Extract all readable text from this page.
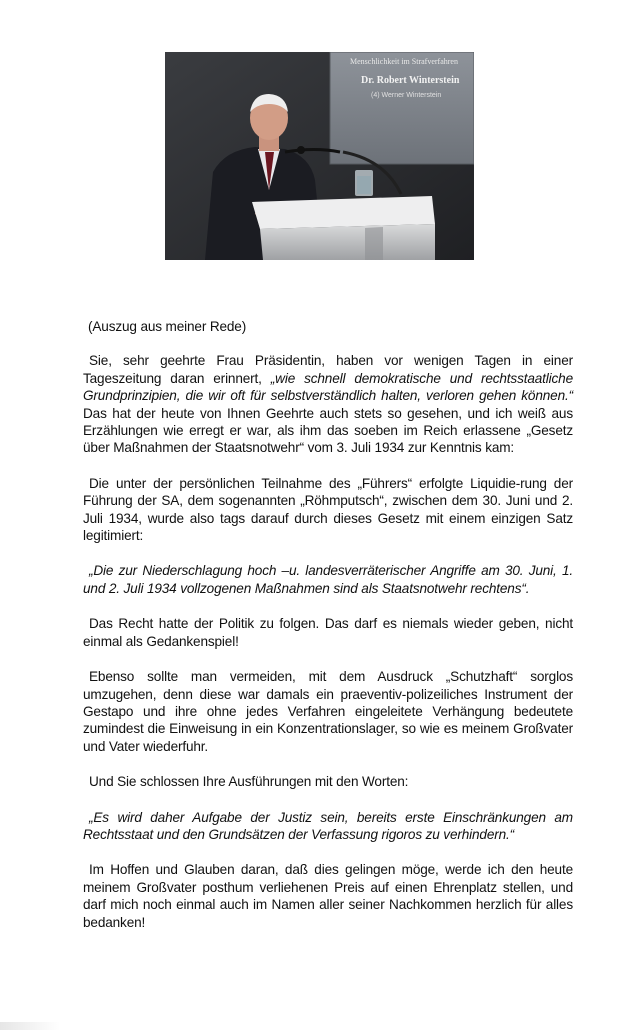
Menschlichkeit im Strafverfahren
Dr. Robert Winterstein
(4) Werner Winterstein

(Auszug aus meiner Rede)

Sie, sehr geehrte Frau Präsidentin, haben vor wenigen Tagen in einer Tageszeitung daran erinnert, „wie schnell demokratische und rechtsstaatliche Grundprinzipien, die wir oft für selbstverständlich halten, verloren gehen können.“ Das hat der heute von Ihnen Geehrte auch stets so gesehen, und ich weiß aus Erzählungen wie erregt er war, als ihm das soeben im Reich erlassene „Gesetz über Maßnahmen der Staatsnotwehr“ vom 3. Juli 1934 zur Kenntnis kam:

Die unter der persönlichen Teilnahme des „Führers“ erfolgte Liquidie-rung der Führung der SA, dem sogenannten „Röhmputsch“, zwischen dem 30. Juni und 2. Juli 1934, wurde also tags darauf durch dieses Gesetz mit einem einzigen Satz legitimiert:

„Die zur Niederschlagung hoch –u. landesverräterischer Angriffe am 30. Juni, 1. und 2. Juli 1934 vollzogenen Maßnahmen sind als Staatsnotwehr rechtens“.

Das Recht hatte der Politik zu folgen. Das darf es niemals wieder geben, nicht einmal als Gedankenspiel!

Ebenso sollte man vermeiden, mit dem Ausdruck „Schutzhaft“ sorglos umzugehen, denn diese war damals ein praeventiv-polizeiliches Instrument der Gestapo und ihre ohne jedes Verfahren eingeleitete Verhängung bedeutete zumindest die Einweisung in ein Konzentrationslager, so wie es meinem Großvater und Vater wiederfuhr.

Und Sie schlossen Ihre Ausführungen mit den Worten:

„Es wird daher Aufgabe der Justiz sein, bereits erste Einschränkungen am Rechtsstaat und den Grundsätzen der Verfassung rigoros zu verhindern.“

Im Hoffen und Glauben daran, daß dies gelingen möge, werde ich den heute meinem Großvater posthum verliehenen Preis auf einen Ehrenplatz stellen, und darf mich noch einmal auch im Namen aller seiner Nachkommen herzlich für alles bedanken!
